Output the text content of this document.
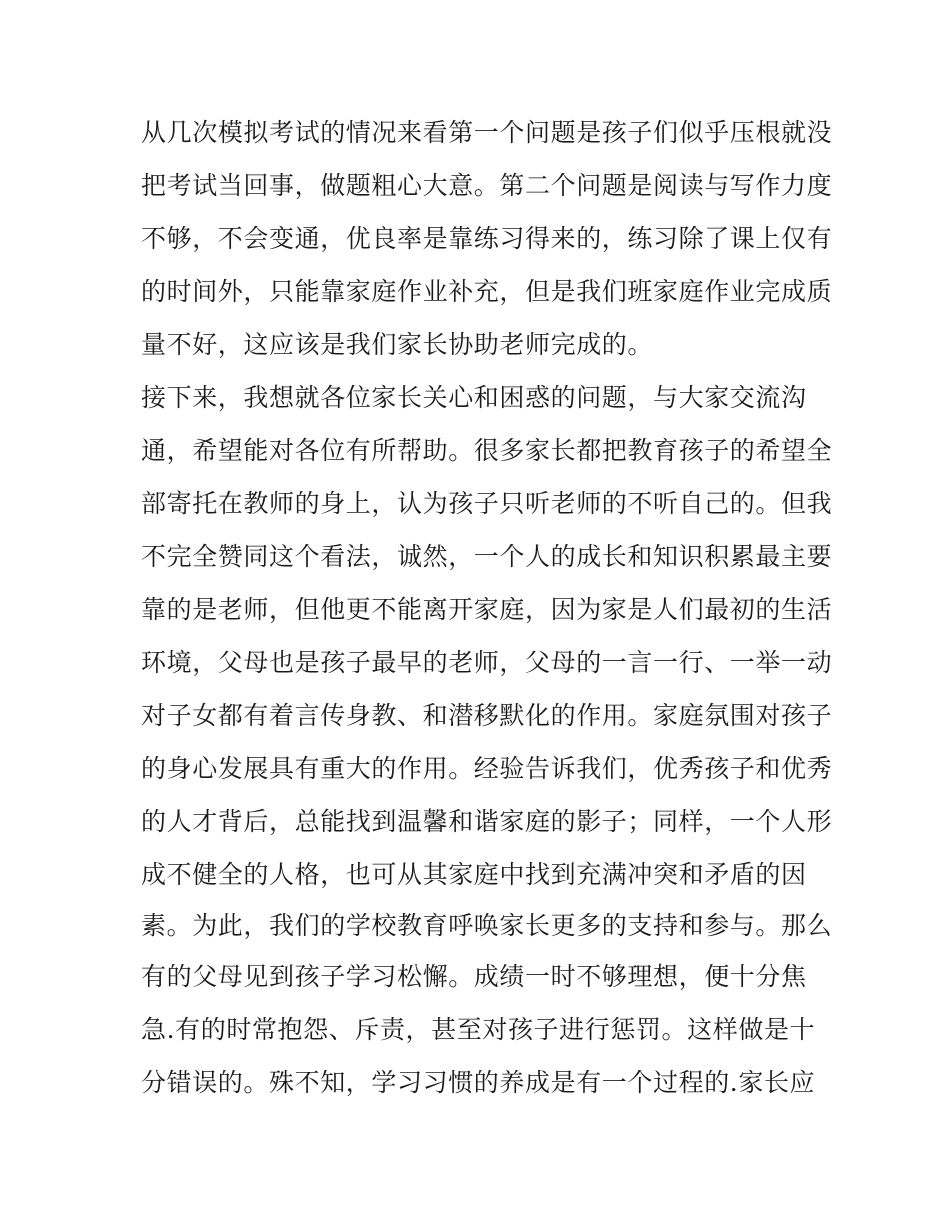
从几次模拟考试的情况来看第一个问题是孩子们似乎压根就没
把考试当回事，做题粗心大意。第二个问题是阅读与写作力度
不够，不会变通，优良率是靠练习得来的，练习除了课上仅有
的时间外，只能靠家庭作业补充，但是我们班家庭作业完成质
量不好，这应该是我们家长协助老师完成的。
接下来，我想就各位家长关心和困惑的问题，与大家交流沟
通，希望能对各位有所帮助。很多家长都把教育孩子的希望全
部寄托在教师的身上，认为孩子只听老师的不听自己的。但我
不完全赞同这个看法，诚然，一个人的成长和知识积累最主要
靠的是老师，但他更不能离开家庭，因为家是人们最初的生活
环境，父母也是孩子最早的老师，父母的一言一行、一举一动
对子女都有着言传身教、和潜移默化的作用。家庭氛围对孩子
的身心发展具有重大的作用。经验告诉我们，优秀孩子和优秀
的人才背后，总能找到温馨和谐家庭的影子；同样，一个人形
成不健全的人格，也可从其家庭中找到充满冲突和矛盾的因
素。为此，我们的学校教育呼唤家长更多的支持和参与。那么
有的父母见到孩子学习松懈。成绩一时不够理想，便十分焦
急.有的时常抱怨、斥责，甚至对孩子进行惩罚。这样做是十
分错误的。殊不知，学习习惯的养成是有一个过程的.家长应
